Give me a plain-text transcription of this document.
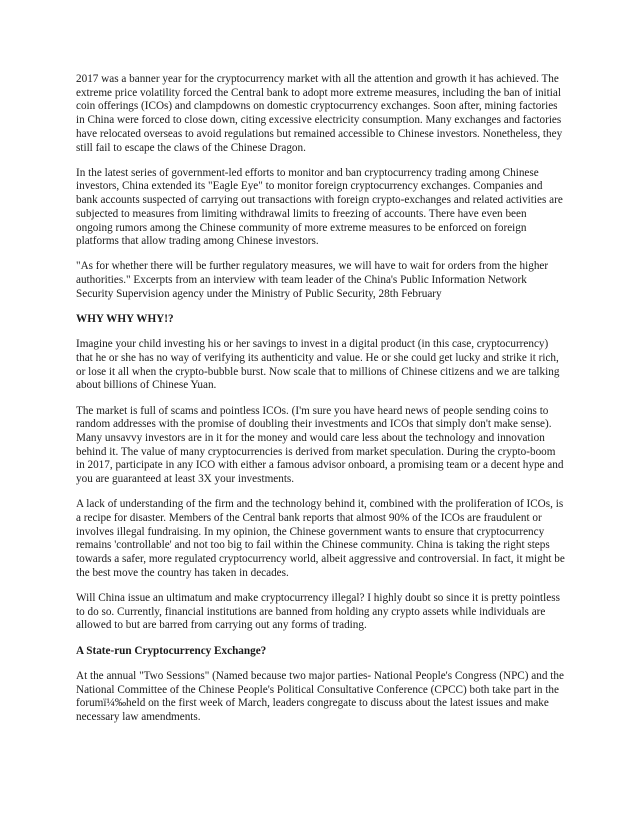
2017 was a banner year for the cryptocurrency market with all the attention and growth it has achieved. The extreme price volatility forced the Central bank to adopt more extreme measures, including the ban of initial coin offerings (ICOs) and clampdowns on domestic cryptocurrency exchanges. Soon after, mining factories in China were forced to close down, citing excessive electricity consumption. Many exchanges and factories have relocated overseas to avoid regulations but remained accessible to Chinese investors. Nonetheless, they still fail to escape the claws of the Chinese Dragon.

In the latest series of government-led efforts to monitor and ban cryptocurrency trading among Chinese investors, China extended its "Eagle Eye" to monitor foreign cryptocurrency exchanges. Companies and bank accounts suspected of carrying out transactions with foreign crypto-exchanges and related activities are subjected to measures from limiting withdrawal limits to freezing of accounts. There have even been ongoing rumors among the Chinese community of more extreme measures to be enforced on foreign platforms that allow trading among Chinese investors.

"As for whether there will be further regulatory measures, we will have to wait for orders from the higher authorities." Excerpts from an interview with team leader of the China's Public Information Network Security Supervision agency under the Ministry of Public Security, 28th February

WHY WHY WHY!?

Imagine your child investing his or her savings to invest in a digital product (in this case, cryptocurrency) that he or she has no way of verifying its authenticity and value. He or she could get lucky and strike it rich, or lose it all when the crypto-bubble burst. Now scale that to millions of Chinese citizens and we are talking about billions of Chinese Yuan.

The market is full of scams and pointless ICOs. (I'm sure you have heard news of people sending coins to random addresses with the promise of doubling their investments and ICOs that simply don't make sense). Many unsavvy investors are in it for the money and would care less about the technology and innovation behind it. The value of many cryptocurrencies is derived from market speculation. During the crypto-boom in 2017, participate in any ICO with either a famous advisor onboard, a promising team or a decent hype and you are guaranteed at least 3X your investments.

A lack of understanding of the firm and the technology behind it, combined with the proliferation of ICOs, is a recipe for disaster. Members of the Central bank reports that almost 90% of the ICOs are fraudulent or involves illegal fundraising. In my opinion, the Chinese government wants to ensure that cryptocurrency remains 'controllable' and not too big to fail within the Chinese community. China is taking the right steps towards a safer, more regulated cryptocurrency world, albeit aggressive and controversial. In fact, it might be the best move the country has taken in decades.

Will China issue an ultimatum and make cryptocurrency illegal? I highly doubt so since it is pretty pointless to do so. Currently, financial institutions are banned from holding any crypto assets while individuals are allowed to but are barred from carrying out any forms of trading.

A State-run Cryptocurrency Exchange?

At the annual "Two Sessions" (Named because two major parties- National People's Congress (NPC) and the National Committee of the Chinese People's Political Consultative Conference (CPCC) both take part in the forumï¼‰held on the first week of March, leaders congregate to discuss about the latest issues and make necessary law amendments.
